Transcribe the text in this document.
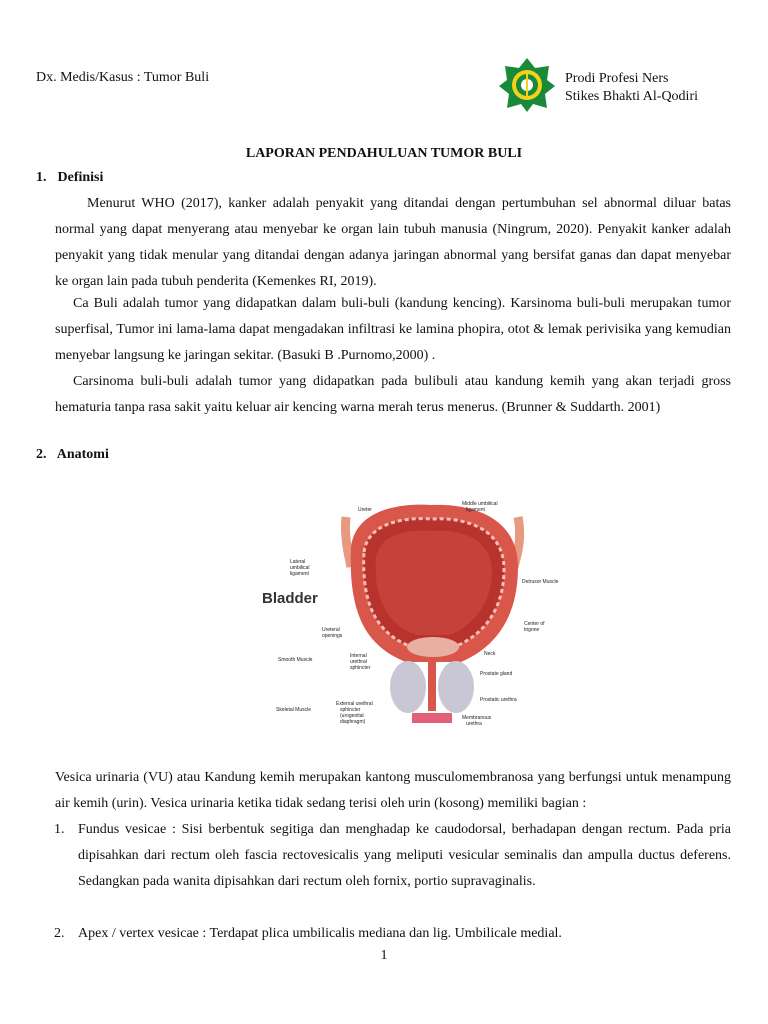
Dx. Medis/Kasus : Tumor Buli	Prodi Profesi Ners
Stikes Bhakti Al-Qodiri
LAPORAN PENDAHULUAN TUMOR BULI
1. Definisi

Menurut WHO (2017), kanker adalah penyakit yang ditandai dengan pertumbuhan sel abnormal diluar batas normal yang dapat menyerang atau menyebar ke organ lain tubuh manusia (Ningrum, 2020). Penyakit kanker adalah penyakit yang tidak menular yang ditandai dengan adanya jaringan abnormal yang bersifat ganas dan dapat menyebar ke organ lain pada tubuh penderita (Kemenkes RI, 2019).

Ca Buli adalah tumor yang didapatkan dalam buli-buli (kandung kencing). Karsinoma buli-buli merupakan tumor superfisal, Tumor ini lama-lama dapat mengadakan infiltrasi ke lamina phopira, otot & lemak perivisika yang kemudian menyebar langsung ke jaringan sekitar. (Basuki B .Purnomo,2000) .

Carsinoma buli-buli adalah tumor yang didapatkan pada bulibuli atau kandung kemih yang akan terjadi gross hematuria tanpa rasa sakit yaitu keluar air kencing warna merah terus menerus. (Brunner & Suddarth. 2001)

2. Anatomi
Bladder
Ureter
Middle umbilical
ligament
Lateral
umbilical
ligament
Detrusor Muscle
Center of
trigone
Ureteral
openings
Neck
Smooth Muscle
Internal
urethral
sphincter
Prostate gland
Prostatic urethra
Skeletal Muscle
External urethral
sphincter
(urogenital
diaphragm)
Membranous
urethra

Vesica urinaria (VU) atau Kandung kemih merupakan kantong musculomembranosa yang berfungsi untuk menampung air kemih (urin). Vesica urinaria ketika tidak sedang terisi oleh urin (kosong) memiliki bagian :

1. Fundus vesicae : Sisi berbentuk segitiga dan menghadap ke caudodorsal, berhadapan dengan rectum. Pada pria dipisahkan dari rectum oleh fascia rectovesicalis yang meliputi vesicular seminalis dan ampulla ductus deferens. Sedangkan pada wanita dipisahkan dari rectum oleh fornix, portio supravaginalis.

2. Apex / vertex vesicae : Terdapat plica umbilicalis mediana dan lig. Umbilicale medial.

1
